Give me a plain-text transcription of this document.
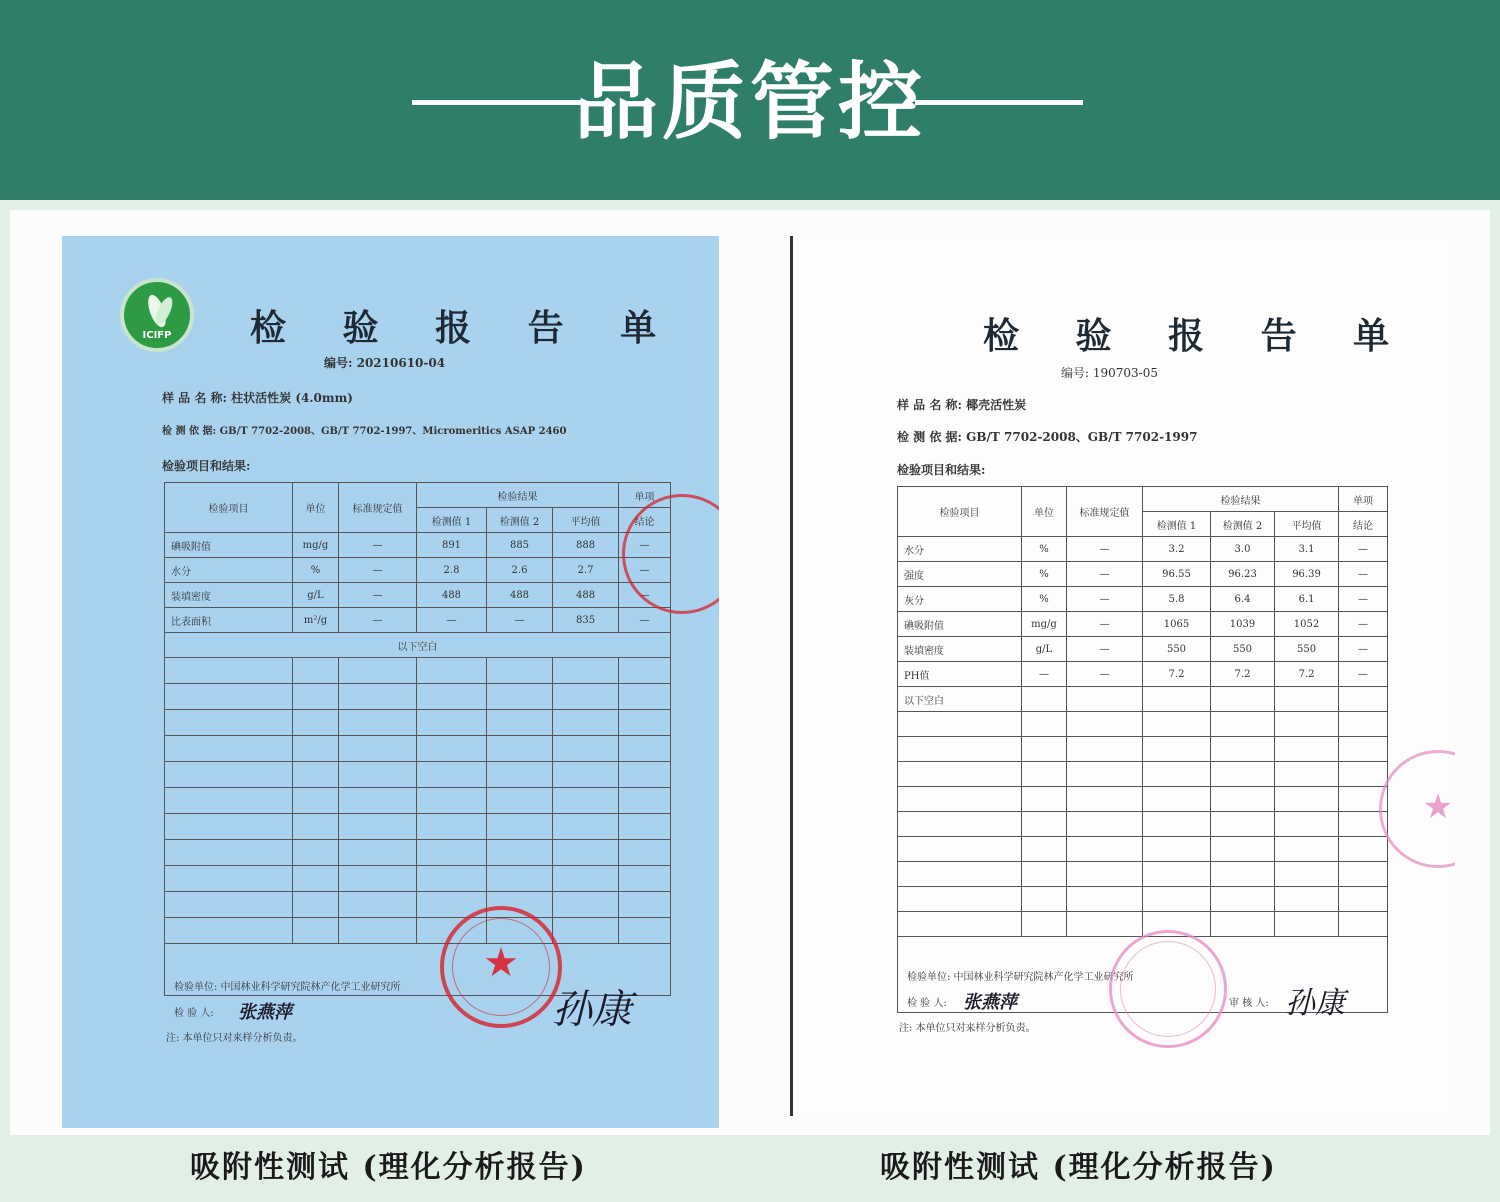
品质管控
ICIFP	检 验 报 告 单
编号: 20210610-04
样 品 名 称: 柱状活性炭 (4.0mm)
检 测 依 据: GB/T 7702-2008、GB/T 7702-1997、Micromeritics ASAP 2460
检验项目和结果:
检验项目	单位	标准规定值	检验结果			单项
			检测值 1	检测值 2	平均值	结论
碘吸附值	mg/g	—	891	885	888	—
水分	%	—	2.8	2.6	2.7	—
装填密度	g/L	—	488	488	488	—
比表面积	m²/g	—	—	—	835	—
以下空白						

检验单位: 中国林业科学研究院林产化学工业研究所
检 验 人: 张燕萍	孙康
注: 本单位只对来样分析负责。
★
检 验 报 告 单
编号: 190703-05
样 品 名 称: 椰壳活性炭
检 测 依 据: GB/T 7702-2008、GB/T 7702-1997
检验项目和结果:
检验项目	单位	标准规定值	检验结果			单项
			检测值 1	检测值 2	平均值	结论
水分	%	—	3.2	3.0	3.1	—
强度	%	—	96.55	96.23	96.39	—
灰分	%	—	5.8	6.4	6.1	—
碘吸附值	mg/g	—	1065	1039	1052	—
装填密度	g/L	—	550	550	550	—
PH值	—	—	7.2	7.2	7.2	—
以下空白						

检验单位: 中国林业科学研究院林产化学工业研究所
检 验 人: 张燕萍	审 核 人: 孙康
注: 本单位只对来样分析负责。
★
吸附性测试 (理化分析报告)	吸附性测试 (理化分析报告)
